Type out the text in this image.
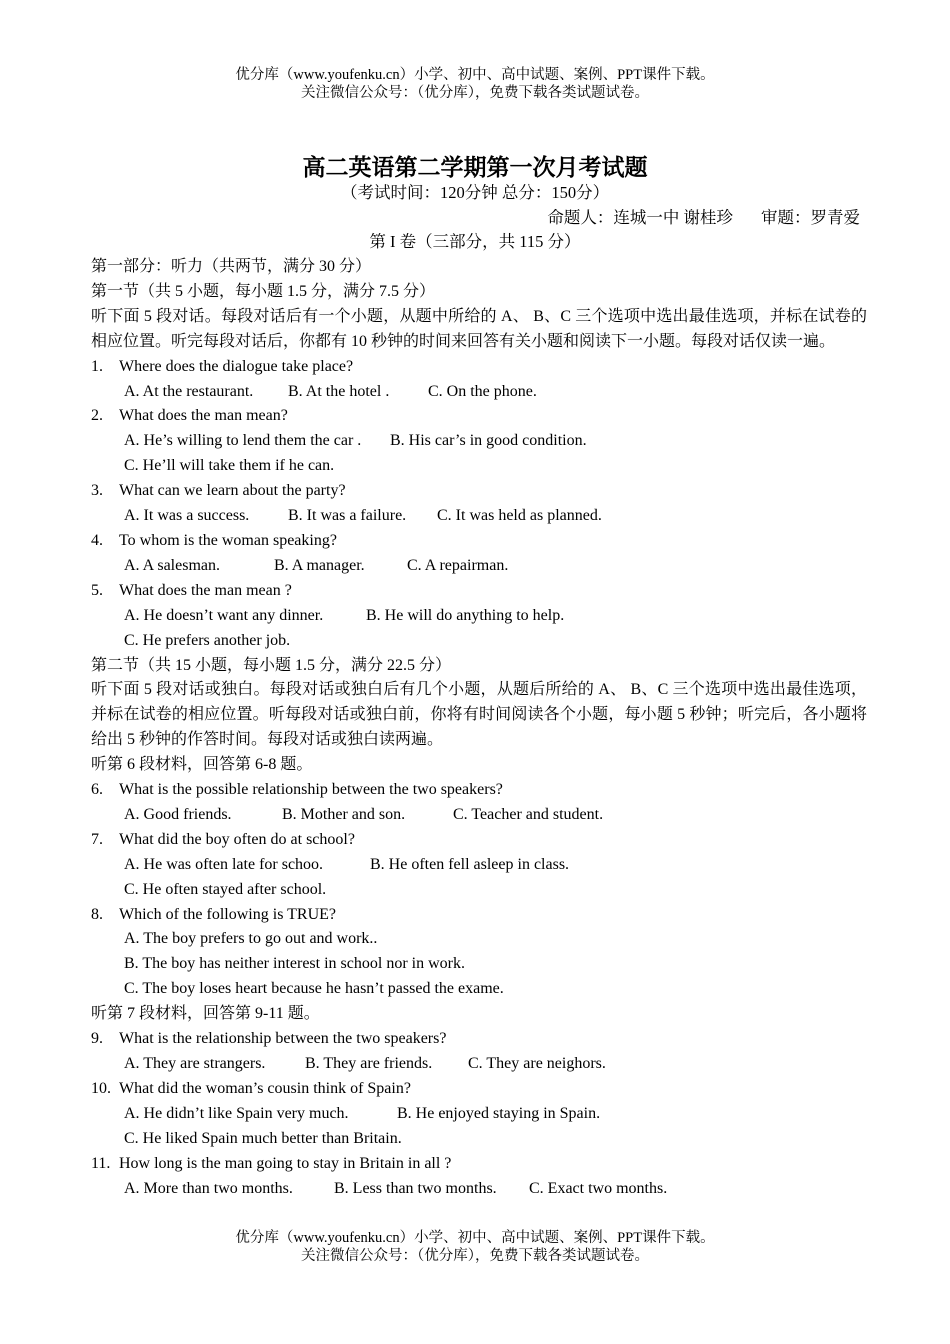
优分库（www.youfenku.cn）小学、初中、高中试题、案例、PPT课件下载。
关注微信公众号：（优分库），免费下载各类试题试卷。
高二英语第二学期第一次月考试题
（考试时间：120分钟 总分：150分）
命题人：连城一中 谢桂珍 审题：罗青爱
第 I 卷（三部分，共 115 分）

第一部分：听力（共两节，满分 30 分）

第一节（共 5 小题，每小题 1.5 分，满分 7.5 分）

听下面 5 段对话。每段对话后有一个小题，从题中所给的 A、 B、C 三个选项中选出最佳选项，并标在试卷的相应位置。听完每段对话后，你都有 10 秒钟的时间来回答有关小题和阅读下一小题。每段对话仅读一遍。

1. Where does the dialogue take place?

A. At the restaurant. B. At the hotel . C. On the phone.

2. What does the man mean?

A. He’s willing to lend them the car . B. His car’s in good condition.

C. He’ll will take them if he can.

3. What can we learn about the party?

A. It was a success. B. It was a failure. C. It was held as planned.

4. To whom is the woman speaking?

A. A salesman.	B. A manager.	C. A repairman.

5. What does the man mean ?

A. He doesn’t want any dinner.	B. He will do anything to help.

C. He prefers another job.

第二节（共 15 小题，每小题 1.5 分，满分 22.5 分）

听下面 5 段对话或独白。每段对话或独白后有几个小题，从题后所给的 A、 B、C 三个选项中选出最佳选项，并标在试卷的相应位置。听每段对话或独白前，你将有时间阅读各个小题，每小题 5 秒钟；听完后，各小题将给出 5 秒钟的作答时间。每段对话或独白读两遍。

听第 6 段材料，回答第 6-8 题。

6. What is the possible relationship between the two speakers?

A. Good friends.	B. Mother and son.	C. Teacher and student.

7. What did the boy often do at school?

A. He was often late for schoo.	B. He often fell asleep in class.

C. He often stayed after school.

8. Which of the following is TRUE?

A. The boy prefers to go out and work..

B. The boy has neither interest in school nor in work.

C. The boy loses heart because he hasn’t passed the exame.

听第 7 段材料，回答第 9-11 题。

9. What is the relationship between the two speakers?

A. They are strangers. B. They are friends. C. They are neighors.

10. What did the woman’s cousin think of Spain?

A. He didn’t like Spain very much.	B. He enjoyed staying in Spain.

C. He liked Spain much better than Britain.

11. How long is the man going to stay in Britain in all ?

A. More than two months.	B. Less than two months. C. Exact two months.

优分库（www.youfenku.cn）小学、初中、高中试题、案例、PPT课件下载。
关注微信公众号：（优分库），免费下载各类试题试卷。
